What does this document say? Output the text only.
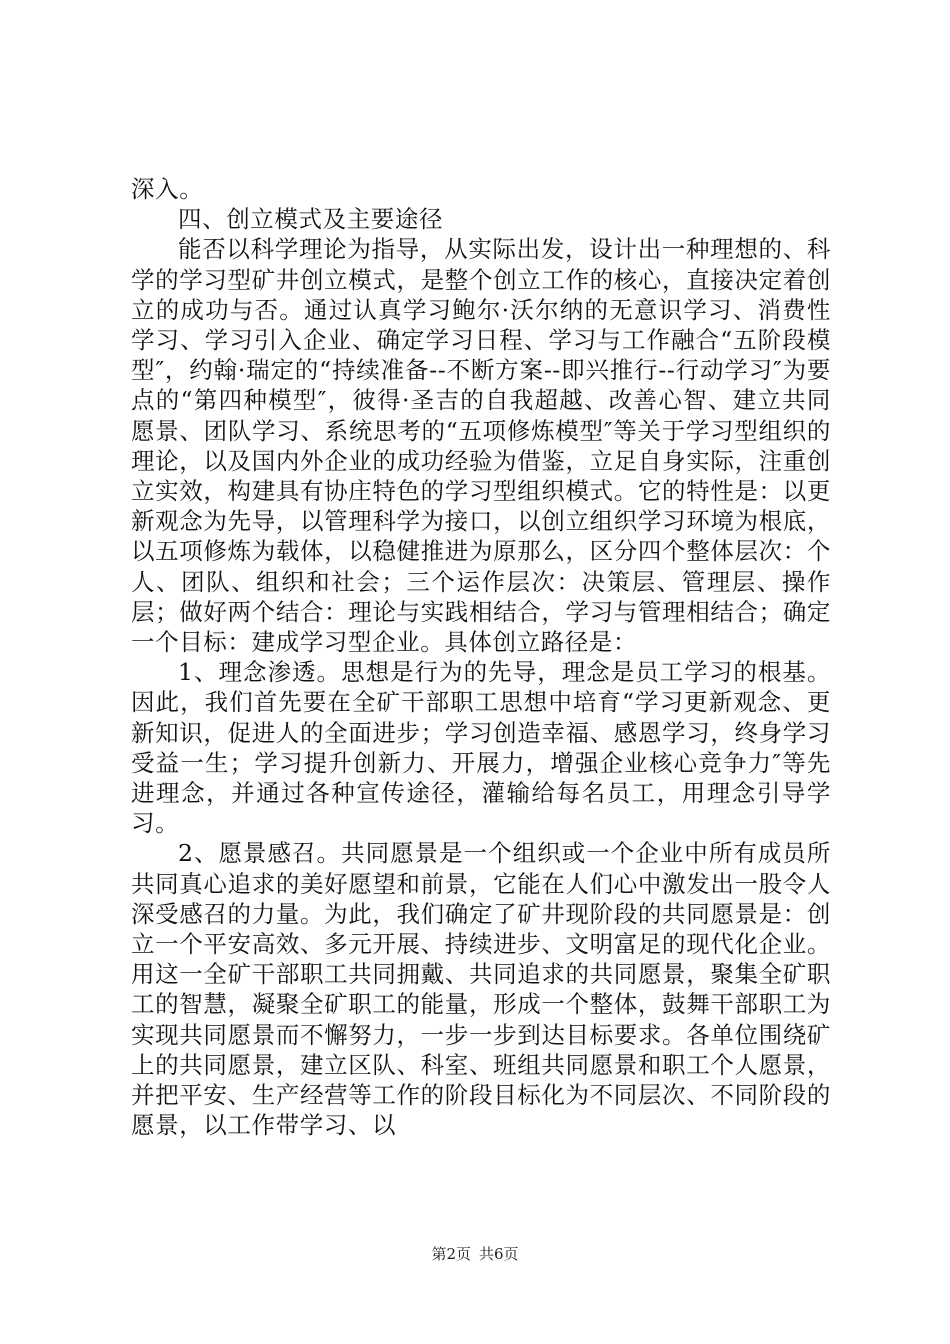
深入。

四、创立模式及主要途径

能否以科学理论为指导，从实际出发，设计出一种理想的、科学的学习型矿井创立模式，是整个创立工作的核心，直接决定着创立的成功与否。通过认真学习鲍尔·沃尔纳的无意识学习、消费性学习、学习引入企业、确定学习日程、学习与工作融合“五阶段模型″，约翰·瑞定的“持续准备--不断方案--即兴推行--行动学习″为要点的“第四种模型″，彼得·圣吉的自我超越、改善心智、建立共同愿景、团队学习、系统思考的“五项修炼模型″等关于学习型组织的理论，以及国内外企业的成功经验为借鉴，立足自身实际，注重创立实效，构建具有协庄特色的学习型组织模式。它的特性是：以更新观念为先导，以管理科学为接口，以创立组织学习环境为根底，以五项修炼为载体，以稳健推进为原那么，区分四个整体层次：个人、团队、组织和社会；三个运作层次：决策层、管理层、操作层；做好两个结合：理论与实践相结合，学习与管理相结合；确定一个目标：建成学习型企业。具体创立路径是：

1、理念渗透。思想是行为的先导，理念是员工学习的根基。因此，我们首先要在全矿干部职工思想中培育“学习更新观念、更新知识，促进人的全面进步；学习创造幸福、感恩学习，终身学习受益一生；学习提升创新力、开展力，增强企业核心竞争力″等先进理念，并通过各种宣传途径，灌输给每名员工，用理念引导学习。

2、愿景感召。共同愿景是一个组织或一个企业中所有成员所共同真心追求的美好愿望和前景，它能在人们心中激发出一股令人深受感召的力量。为此，我们确定了矿井现阶段的共同愿景是：创立一个平安高效、多元开展、持续进步、文明富足的现代化企业。用这一全矿干部职工共同拥戴、共同追求的共同愿景，聚集全矿职工的智慧，凝聚全矿职工的能量，形成一个整体，鼓舞干部职工为实现共同愿景而不懈努力，一步一步到达目标要求。各单位围绕矿上的共同愿景，建立区队、科室、班组共同愿景和职工个人愿景，并把平安、生产经营等工作的阶段目标化为不同层次、不同阶段的愿景，以工作带学习、以

第2页 共6页
